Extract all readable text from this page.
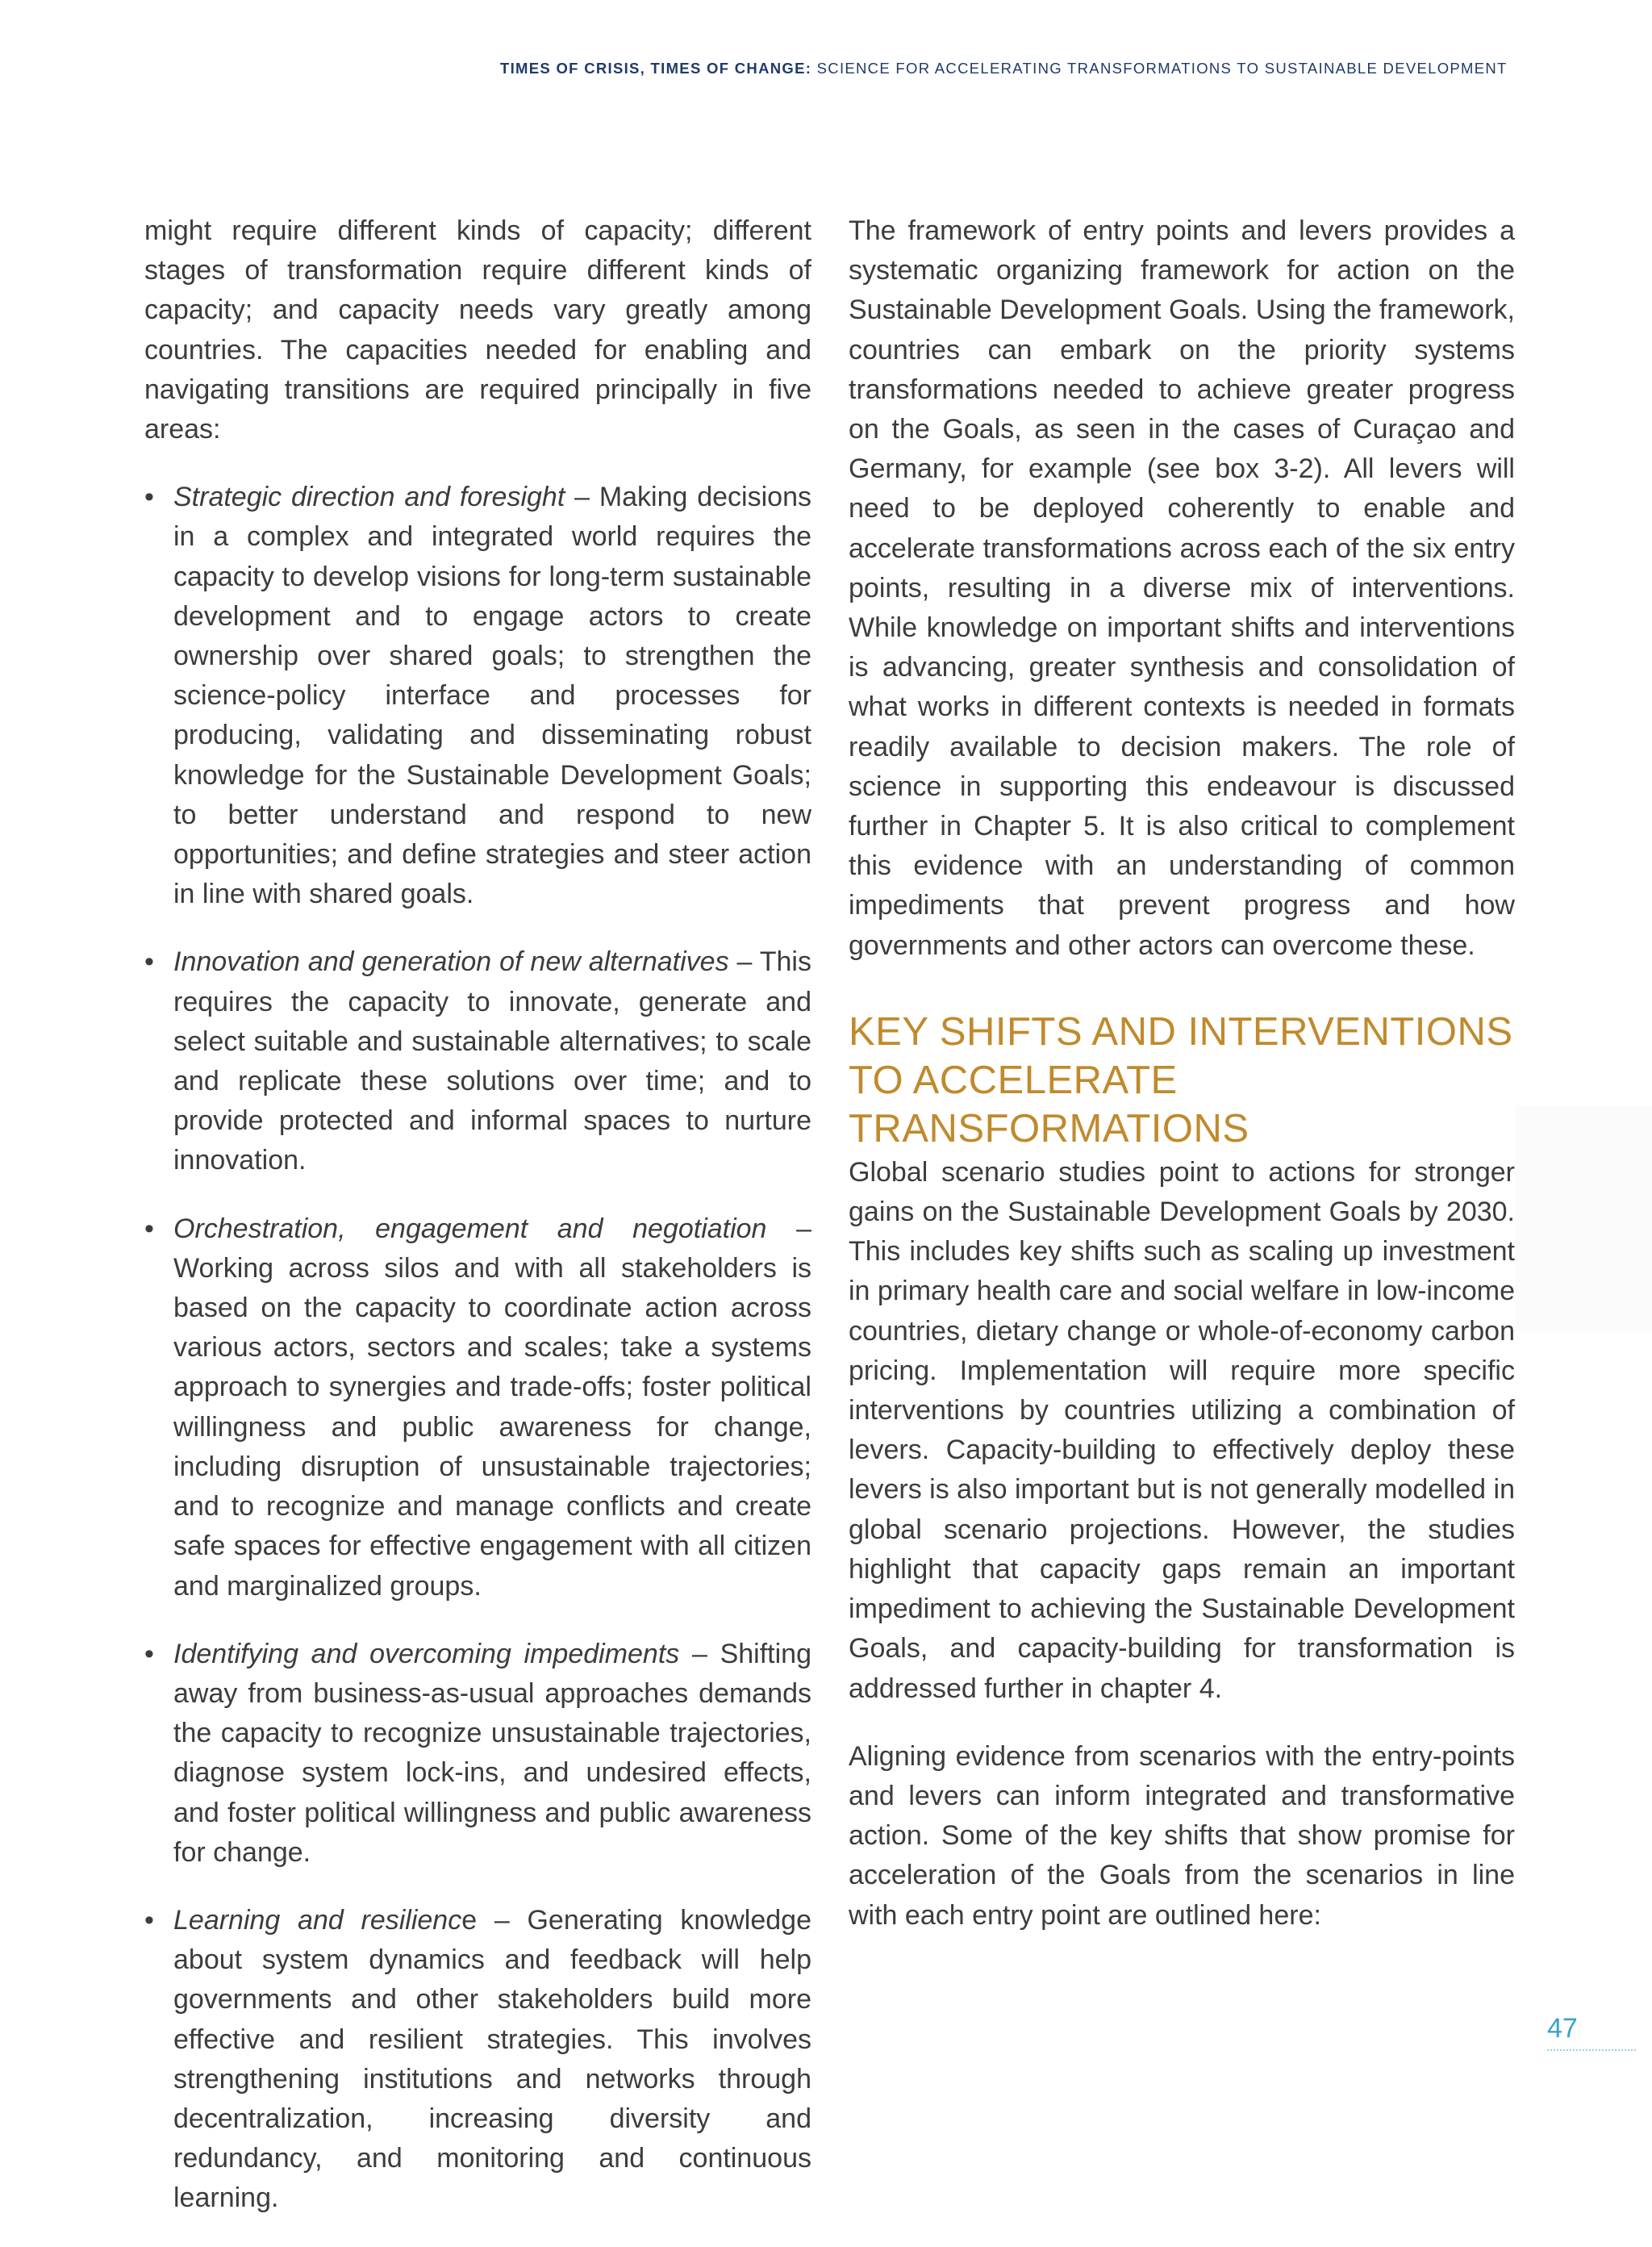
TIMES OF CRISIS, TIMES OF CHANGE: SCIENCE FOR ACCELERATING TRANSFORMATIONS TO SUSTAINABLE DEVELOPMENT

might require different kinds of capacity; different stages of transformation require different kinds of capacity; and capacity needs vary greatly among countries. The capacities needed for enabling and navigating transitions are required principally in five areas:

• Strategic direction and foresight – Making decisions in a complex and integrated world requires the capacity to develop visions for long-term sustainable development and to engage actors to create ownership over shared goals; to strengthen the science-policy interface and processes for producing, validating and disseminating robust knowledge for the Sustainable Development Goals; to better understand and respond to new opportunities; and define strategies and steer action in line with shared goals.
• Innovation and generation of new alternatives – This requires the capacity to innovate, generate and select suitable and sustainable alternatives; to scale and replicate these solutions over time; and to provide protected and informal spaces to nurture innovation.
• Orchestration, engagement and negotiation – Working across silos and with all stakeholders is based on the capacity to coordinate action across various actors, sectors and scales; take a systems approach to synergies and trade-offs; foster political willingness and public awareness for change, including disruption of unsustainable trajectories; and to recognize and manage conflicts and create safe spaces for effective engagement with all citizen and marginalized groups.
• Identifying and overcoming impediments – Shifting away from business-as-usual approaches demands the capacity to recognize unsustainable trajectories, diagnose system lock-ins, and undesired effects, and foster political willingness and public awareness for change.
• Learning and resilience – Generating knowledge about system dynamics and feedback will help governments and other stakeholders build more effective and resilient strategies. This involves strengthening institutions and networks through decentralization, increasing diversity and redundancy, and monitoring and continuous learning.

The framework of entry points and levers provides a systematic organizing framework for action on the Sustainable Development Goals. Using the framework, countries can embark on the priority systems transformations needed to achieve greater progress on the Goals, as seen in the cases of Curaçao and Germany, for example (see box 3-2). All levers will need to be deployed coherently to enable and accelerate transformations across each of the six entry points, resulting in a diverse mix of interventions. While knowledge on important shifts and interventions is advancing, greater synthesis and consolidation of what works in different contexts is needed in formats readily available to decision makers. The role of science in supporting this endeavour is discussed further in Chapter 5. It is also critical to complement this evidence with an understanding of common impediments that prevent progress and how governments and other actors can overcome these.

KEY SHIFTS AND INTERVENTIONS TO ACCELERATE TRANSFORMATIONS

Global scenario studies point to actions for stronger gains on the Sustainable Development Goals by 2030. This includes key shifts such as scaling up investment in primary health care and social welfare in low-income countries, dietary change or whole-of-economy carbon pricing. Implementation will require more specific interventions by countries utilizing a combination of levers. Capacity-building to effectively deploy these levers is also important but is not generally modelled in global scenario projections. However, the studies highlight that capacity gaps remain an important impediment to achieving the Sustainable Development Goals, and capacity-building for transformation is addressed further in chapter 4.

Aligning evidence from scenarios with the entry-points and levers can inform integrated and transformative action. Some of the key shifts that show promise for acceleration of the Goals from the scenarios in line with each entry point are outlined here:

47
